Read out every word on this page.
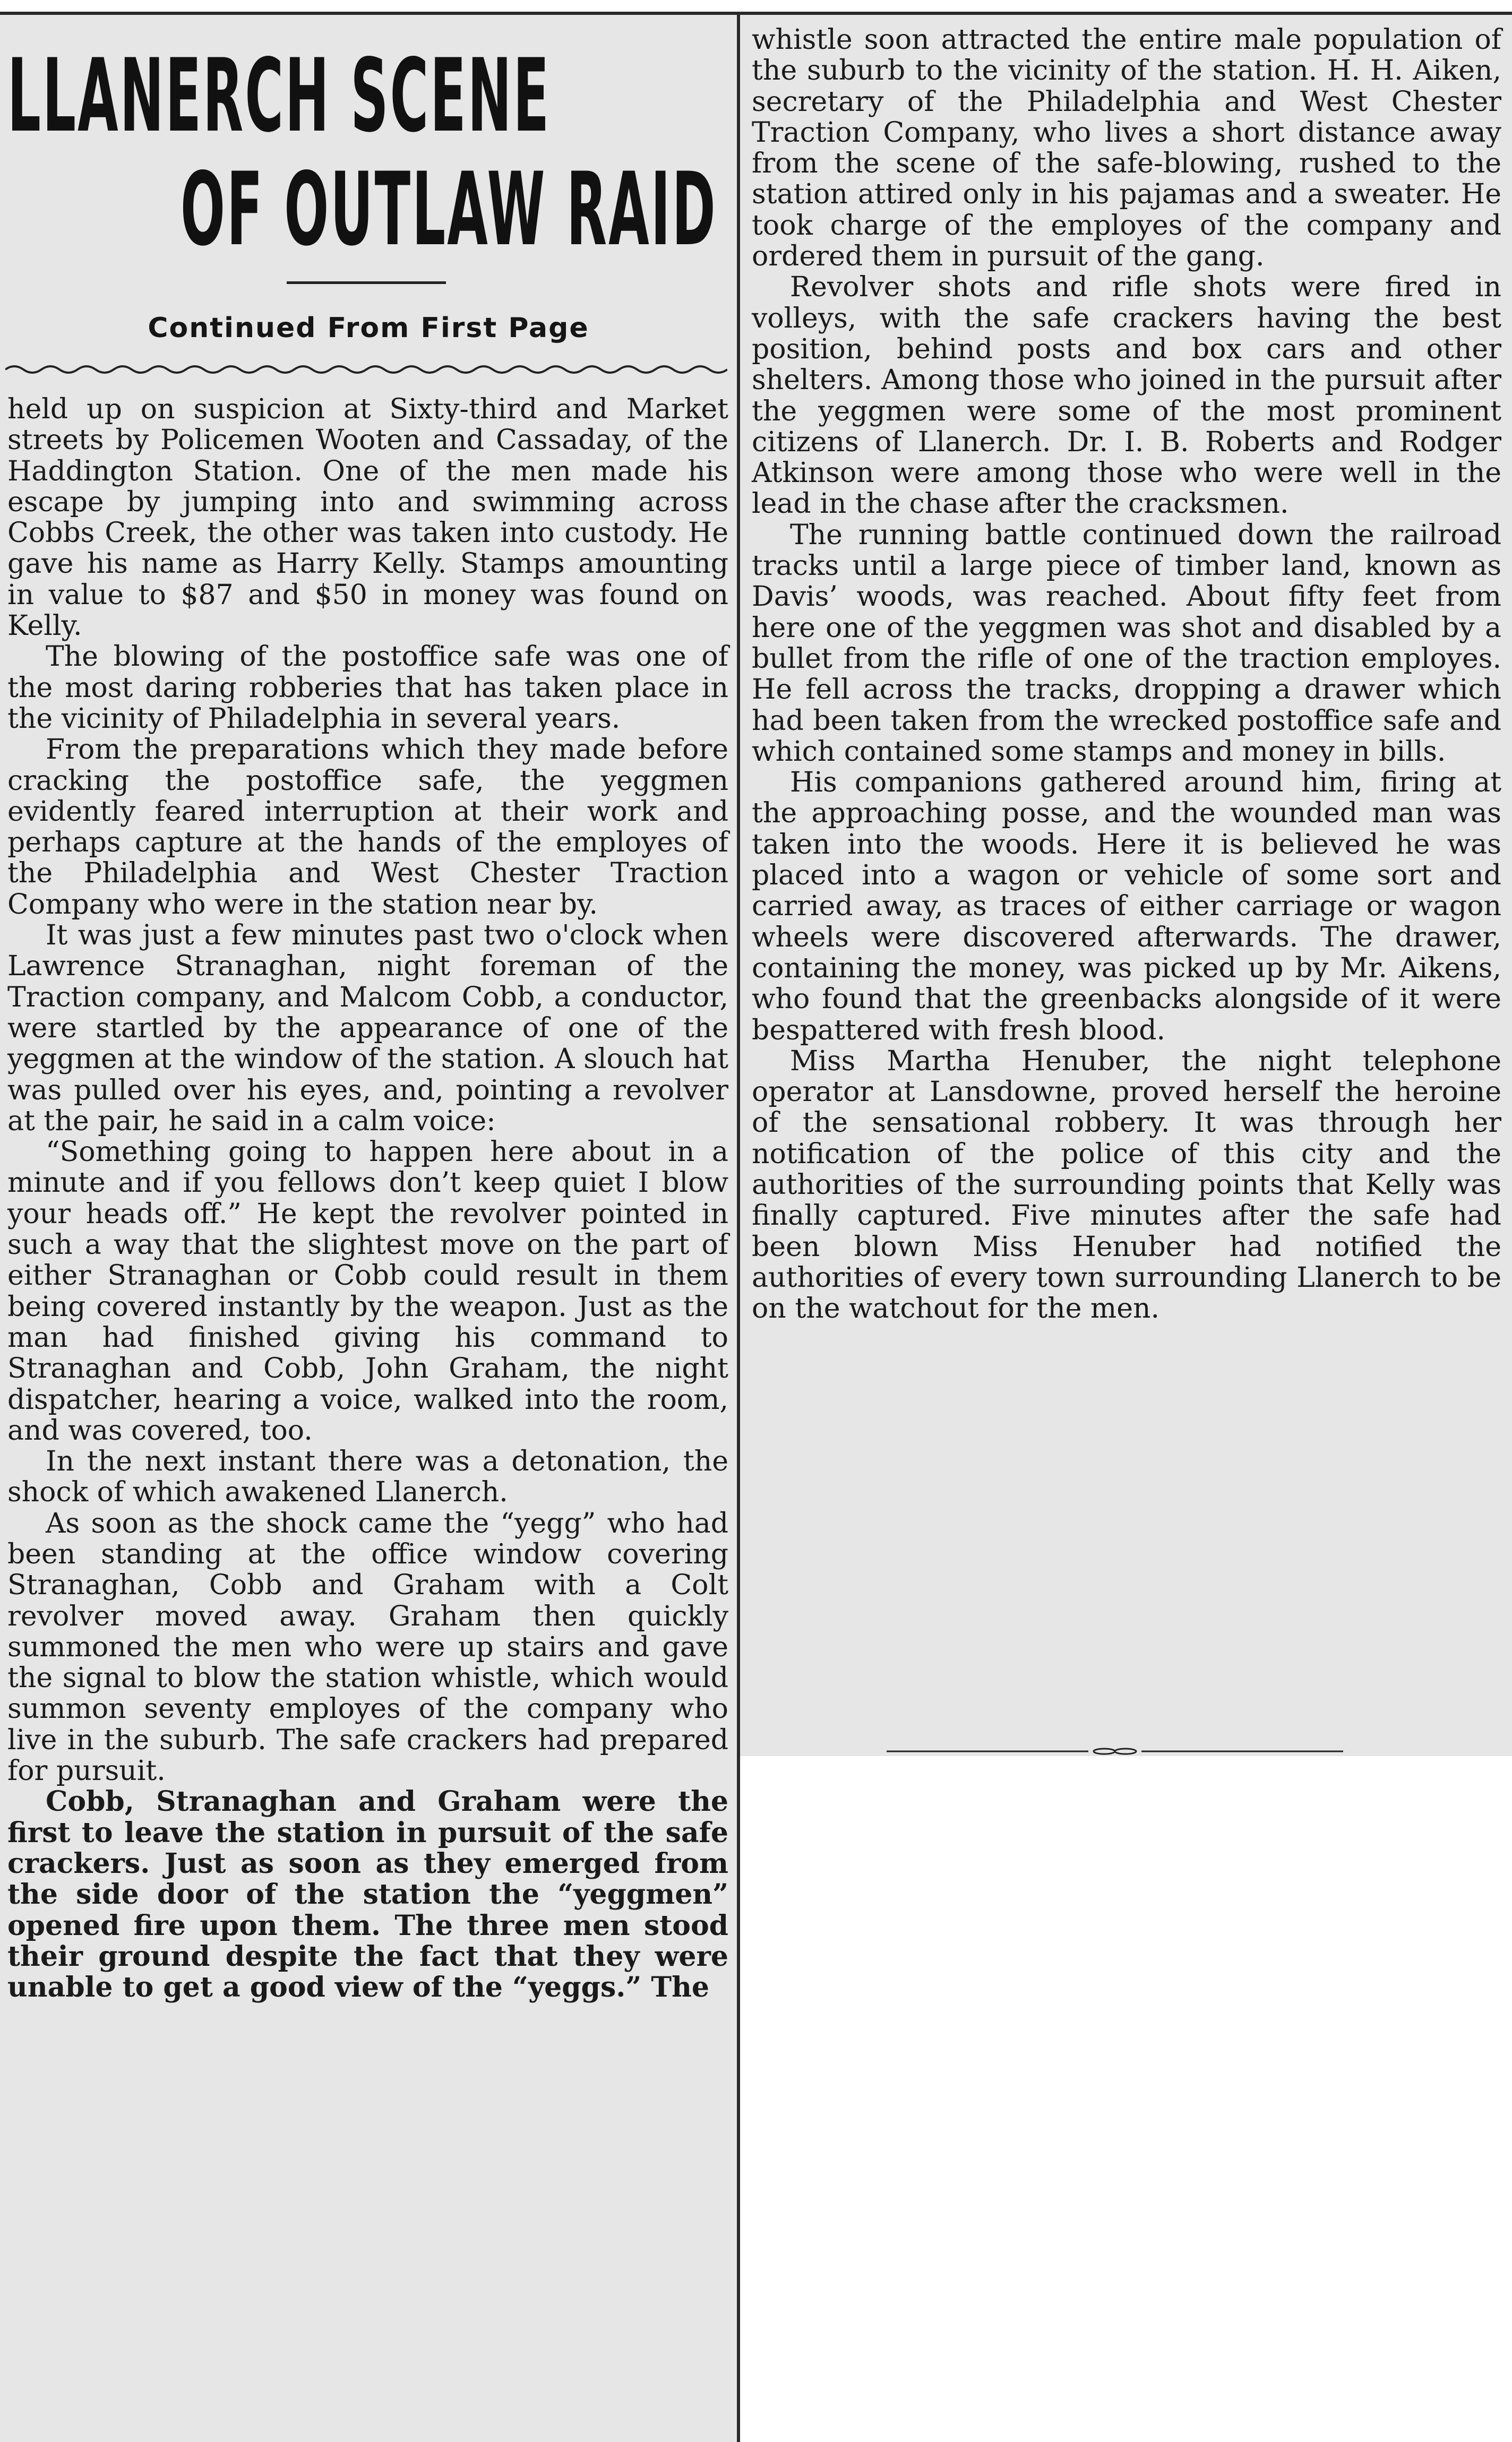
LLANERCH SCENE
OF OUTLAW RAID
Continued From First Page

held up on suspicion at Sixty-third and Market streets by Policemen Wooten and Cassaday, of the Haddington Station. One of the men made his escape by jumping into and swimming across Cobbs Creek, the other was taken into custody. He gave his name as Harry Kelly. Stamps amounting in value to $87 and $50 in money was found on Kelly.

The blowing of the postoffice safe was one of the most daring robberies that has taken place in the vicinity of Philadelphia in several years.

From the preparations which they made before cracking the postoffice safe, the yeggmen evidently feared interruption at their work and perhaps capture at the hands of the employes of the Philadelphia and West Chester Traction Company who were in the station near by.

It was just a few minutes past two o'clock when Lawrence Stranaghan, night foreman of the Traction company, and Malcom Cobb, a conductor, were startled by the appearance of one of the yeggmen at the window of the station. A slouch hat was pulled over his eyes, and, pointing a revolver at the pair, he said in a calm voice:

“Something going to happen here about in a minute and if you fellows don’t keep quiet I blow your heads off.” He kept the revolver pointed in such a way that the slightest move on the part of either Stranaghan or Cobb could result in them being covered instantly by the weapon. Just as the man had finished giving his command to Stranaghan and Cobb, John Graham, the night dispatcher, hearing a voice, walked into the room, and was covered, too.

In the next instant there was a detonation, the shock of which awakened Llanerch.

As soon as the shock came the “yegg” who had been standing at the office window covering Stranaghan, Cobb and Graham with a Colt revolver moved away. Graham then quickly summoned the men who were up stairs and gave the signal to blow the station whistle, which would summon seventy employes of the company who live in the suburb. The safe crackers had prepared for pursuit.

Cobb, Stranaghan and Graham were the first to leave the station in pursuit of the safe crackers. Just as soon as they emerged from the side door of the station the “yeggmen” opened fire upon them. The three men stood their ground despite the fact that they were unable to get a good view of the “yeggs.” The

whistle soon attracted the entire male population of the suburb to the vicinity of the station. H. H. Aiken, secretary of the Philadelphia and West Chester Traction Company, who lives a short distance away from the scene of the safe-blowing, rushed to the station attired only in his pajamas and a sweater. He took charge of the employes of the company and ordered them in pursuit of the gang.

Revolver shots and rifle shots were fired in volleys, with the safe crackers having the best position, behind posts and box cars and other shelters. Among those who joined in the pursuit after the yeggmen were some of the most prominent citizens of Llanerch. Dr. I. B. Roberts and Rodger Atkinson were among those who were well in the lead in the chase after the cracksmen.

The running battle continued down the railroad tracks until a large piece of timber land, known as Davis’ woods, was reached. About fifty feet from here one of the yeggmen was shot and disabled by a bullet from the rifle of one of the traction employes. He fell across the tracks, dropping a drawer which had been taken from the wrecked postoffice safe and which contained some stamps and money in bills.

His companions gathered around him, firing at the approaching posse, and the wounded man was taken into the woods. Here it is believed he was placed into a wagon or vehicle of some sort and carried away, as traces of either carriage or wagon wheels were discovered afterwards. The drawer, containing the money, was picked up by Mr. Aikens, who found that the greenbacks alongside of it were bespattered with fresh blood.

Miss Martha Henuber, the night telephone operator at Lansdowne, proved herself the heroine of the sensational robbery. It was through her notification of the police of this city and the authorities of the surrounding points that Kelly was finally captured. Five minutes after the safe had been blown Miss Henuber had notified the authorities of every town surrounding Llanerch to be on the watchout for the men.
